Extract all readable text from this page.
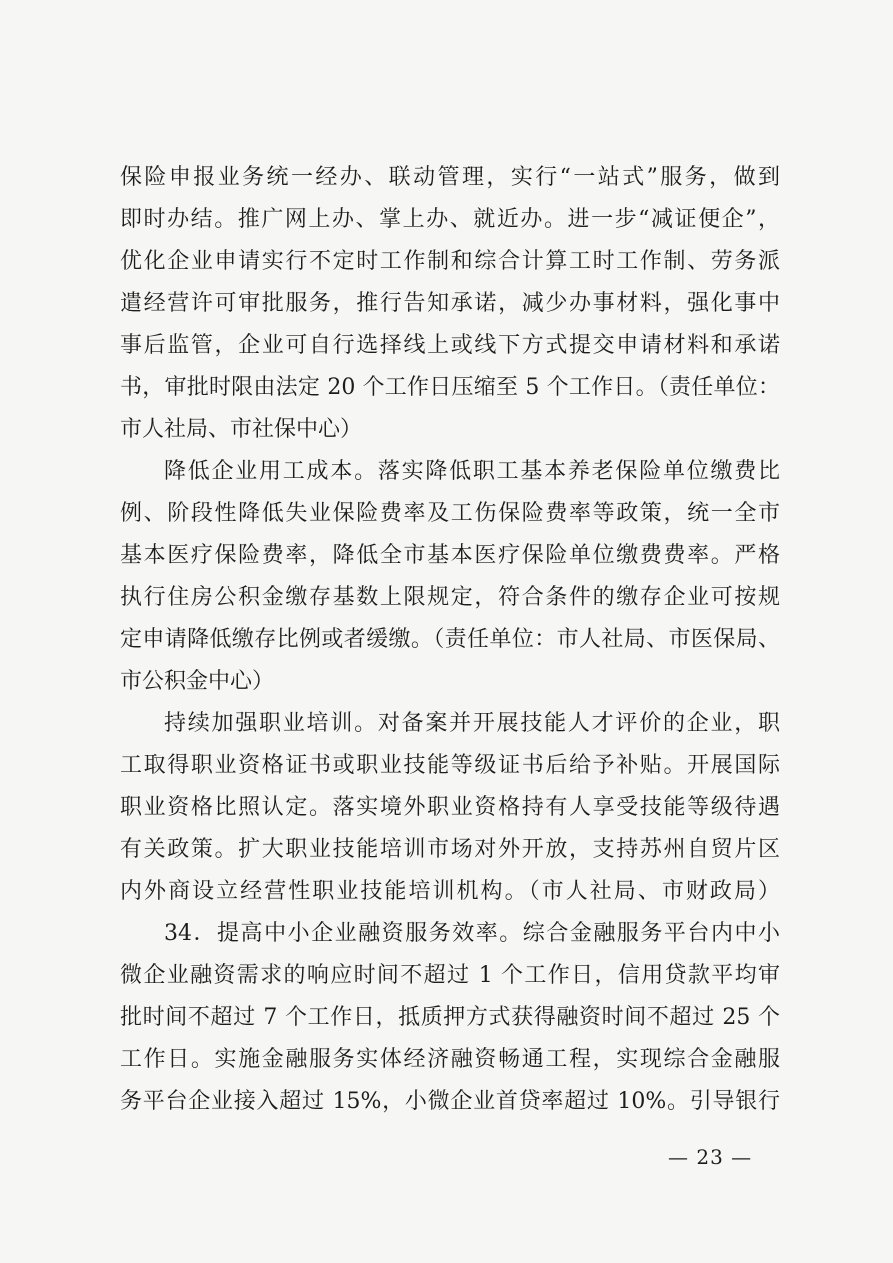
保险申报业务统一经办、联动管理，实行“一站式”服务，做到
即时办结。推广网上办、掌上办、就近办。进一步“减证便企”，
优化企业申请实行不定时工作制和综合计算工时工作制、劳务派
遣经营许可审批服务，推行告知承诺，减少办事材料，强化事中
事后监管，企业可自行选择线上或线下方式提交申请材料和承诺
书，审批时限由法定 20 个工作日压缩至 5 个工作日。（责任单位：
市人社局、市社保中心）
降低企业用工成本。落实降低职工基本养老保险单位缴费比
例、阶段性降低失业保险费率及工伤保险费率等政策，统一全市
基本医疗保险费率，降低全市基本医疗保险单位缴费费率。严格
执行住房公积金缴存基数上限规定，符合条件的缴存企业可按规
定申请降低缴存比例或者缓缴。（责任单位：市人社局、市医保局、
市公积金中心）
持续加强职业培训。对备案并开展技能人才评价的企业，职
工取得职业资格证书或职业技能等级证书后给予补贴。开展国际
职业资格比照认定。落实境外职业资格持有人享受技能等级待遇
有关政策。扩大职业技能培训市场对外开放，支持苏州自贸片区
内外商设立经营性职业技能培训机构。（市人社局、市财政局）
34．提高中小企业融资服务效率。综合金融服务平台内中小
微企业融资需求的响应时间不超过 1 个工作日，信用贷款平均审
批时间不超过 7 个工作日，抵质押方式获得融资时间不超过 25 个
工作日。实施金融服务实体经济融资畅通工程，实现综合金融服
务平台企业接入超过 15%，小微企业首贷率超过 10%。引导银行
— 23 —
